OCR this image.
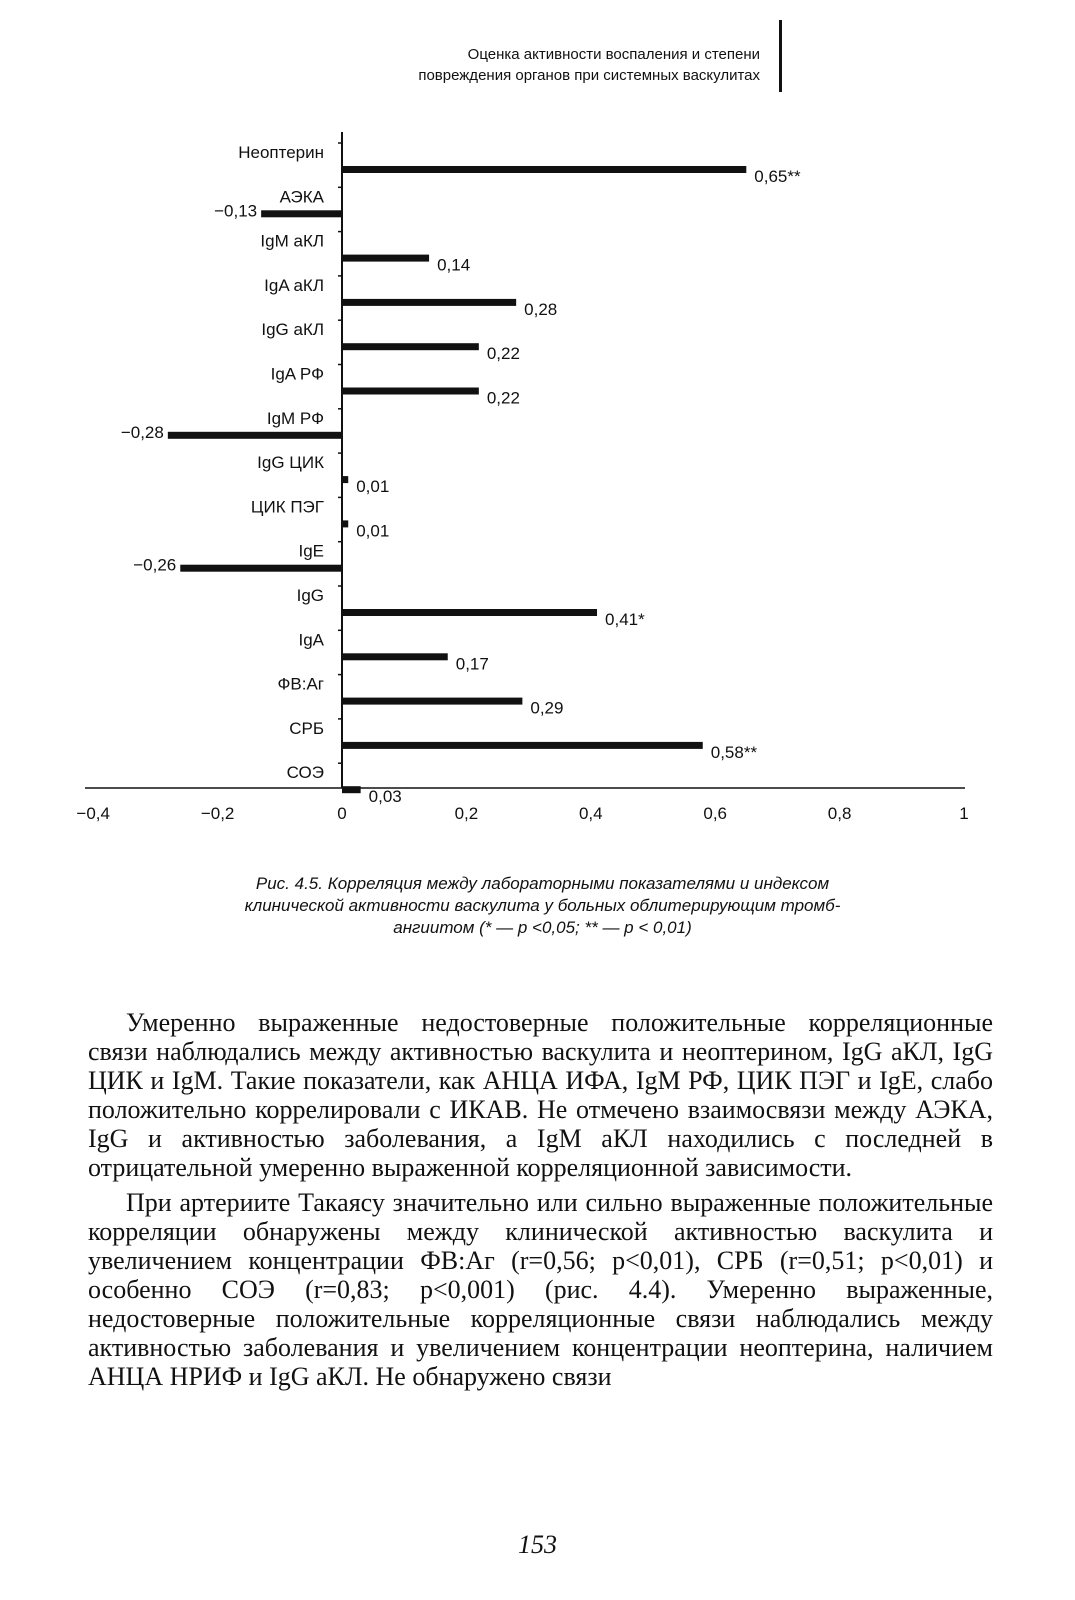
Оценка активности воспаления и степени
повреждения органов при системных васкулитах
Неоптерин
0,65**
АЭКА
−0,13
IgM аКЛ
0,14
IgA аКЛ
0,28
IgG аКЛ
0,22
IgA РФ
0,22
IgM РФ
−0,28
IgG ЦИК
0,01
ЦИК ПЭГ
0,01
IgE
−0,26
IgG
0,41*
IgA
0,17
ФВ:Аг
0,29
СРБ
0,58**
СОЭ
0,03
−0,4	−0,2	0	0,2	0,4	0,6	0,8	1
Рис. 4.5. Корреляция между лабораторными показателями и индексом
клинической активности васкулита у больных облитерирующим тромб-
ангиитом (* — р <0,05; ** — р < 0,01)

Умеренно выраженные недостоверные положительные корреляционные связи наблюдались между активностью васкулита и неоптерином, IgG aКЛ, IgG ЦИК и IgM. Такие показатели, как АНЦА ИФА, IgM РФ, ЦИК ПЭГ и IgE, слабо положительно коррелировали с ИКАВ. Не отмечено взаимосвязи между АЭКА, IgG и активностью заболевания, а IgM aКЛ находились с последней в отрицательной умеренно выраженной корреляционной зависимости.

При артериите Такаясу значительно или сильно выраженные положительные корреляции обнаружены между клинической активностью васкулита и увеличением концентрации ФВ:Аг (r=0,56; p<0,01), СРБ (r=0,51; p<0,01) и особенно СОЭ (r=0,83; p<0,001) (рис. 4.4). Умеренно выраженные, недостоверные положительные корреляционные связи наблюдались между активностью заболевания и увеличением концентрации неоптерина, наличием АНЦА НРИФ и IgG aКЛ. Не обнаружено связи

153
